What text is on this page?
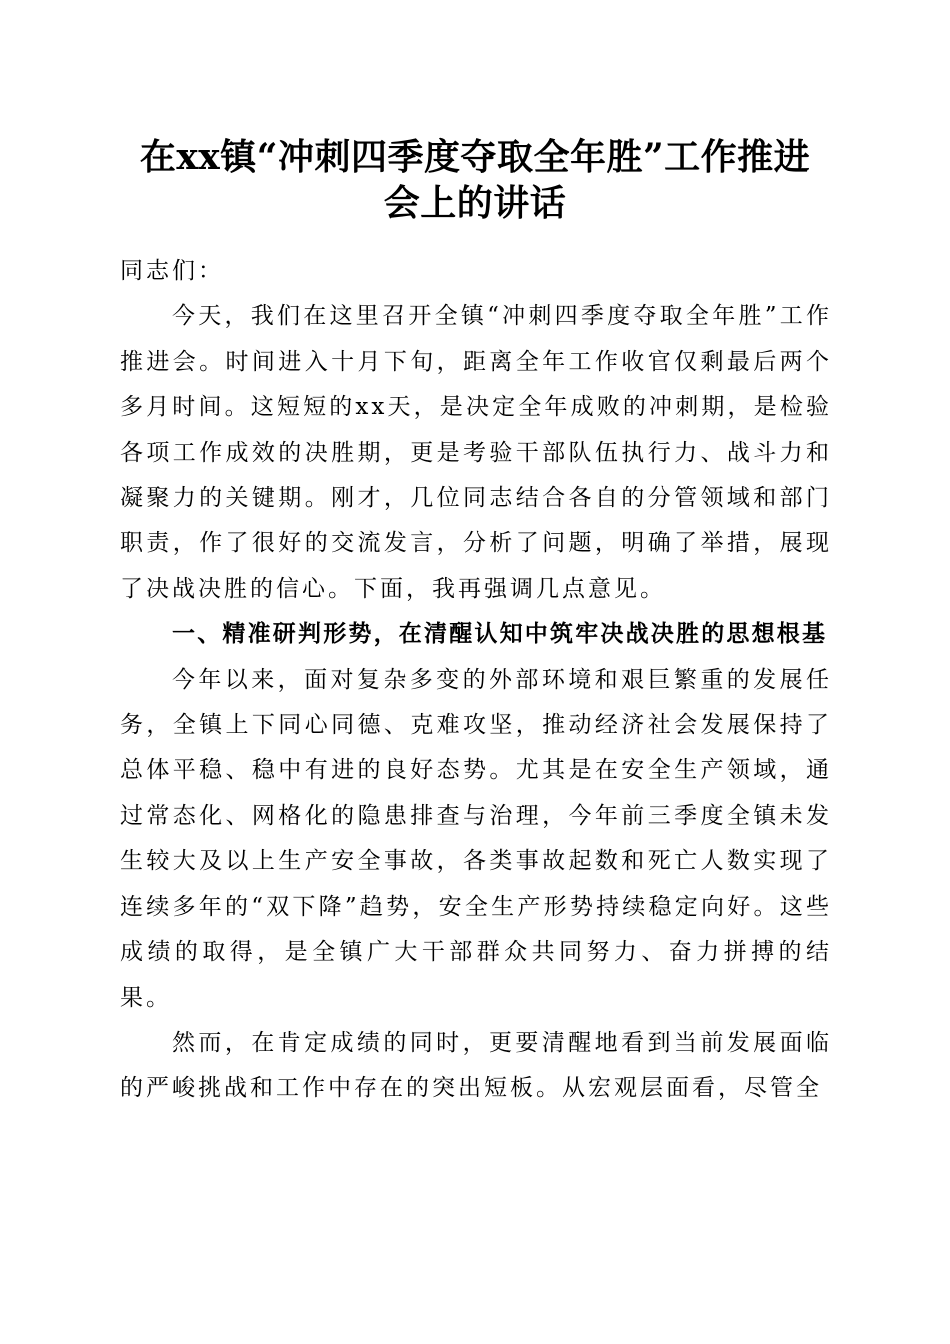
在xx镇“冲刺四季度夺取全年胜”工作推进
会上的讲话

同志们：

今天，我们在这里召开全镇“冲刺四季度夺取全年胜”工作推进会。时间进入十月下旬，距离全年工作收官仅剩最后两个多月时间。这短短的xx天，是决定全年成败的冲刺期，是检验各项工作成效的决胜期，更是考验干部队伍执行力、战斗力和凝聚力的关键期。刚才，几位同志结合各自的分管领域和部门职责，作了很好的交流发言，分析了问题，明确了举措，展现了决战决胜的信心。下面，我再强调几点意见。

一、精准研判形势，在清醒认知中筑牢决战决胜的思想根基

今年以来，面对复杂多变的外部环境和艰巨繁重的发展任务，全镇上下同心同德、克难攻坚，推动经济社会发展保持了总体平稳、稳中有进的良好态势。尤其是在安全生产领域，通过常态化、网格化的隐患排查与治理，今年前三季度全镇未发生较大及以上生产安全事故，各类事故起数和死亡人数实现了连续多年的“双下降”趋势，安全生产形势持续稳定向好。这些成绩的取得，是全镇广大干部群众共同努力、奋力拼搏的结果。

然而，在肯定成绩的同时，更要清醒地看到当前发展面临的严峻挑战和工作中存在的突出短板。从宏观层面看，尽管全
